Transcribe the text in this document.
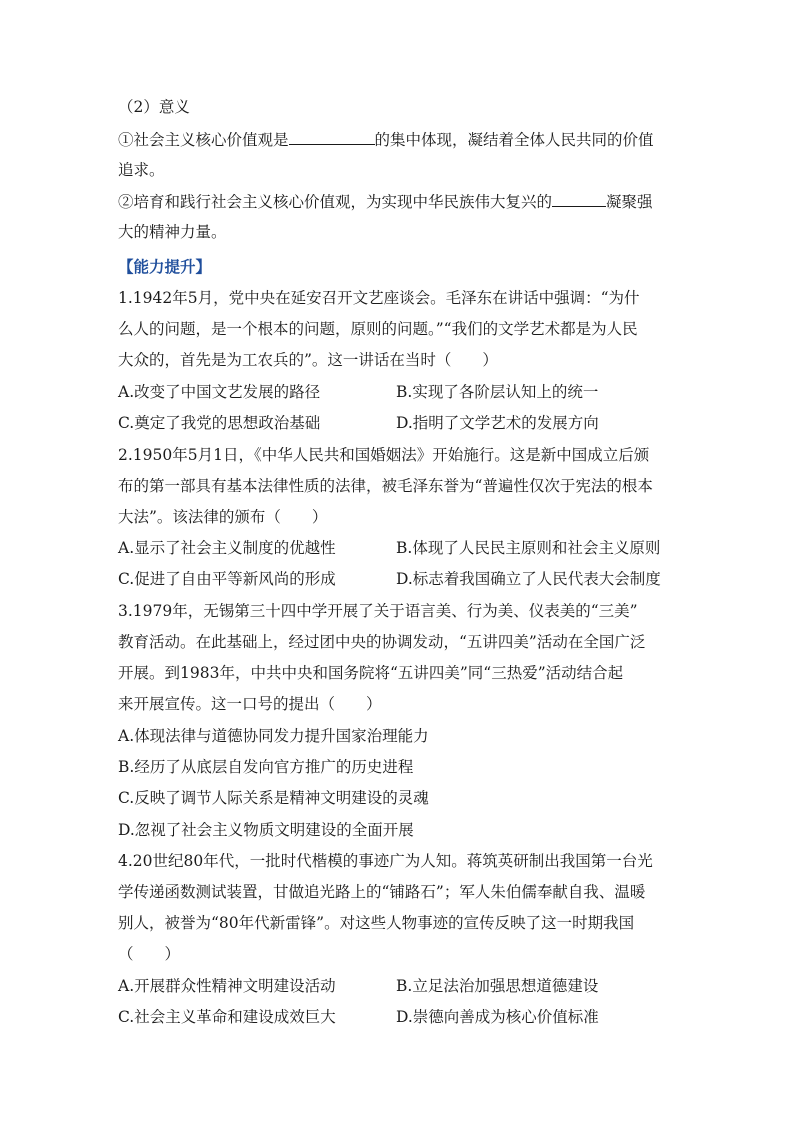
（2）意义
①社会主义核心价值观是	的集中体现，凝结着全体人民共同的价值
追求。
②培育和践行社会主义核心价值观，为实现中华民族伟大复兴的	凝聚强
大的精神力量。
【能力提升】
1.1942年5月，党中央在延安召开文艺座谈会。毛泽东在讲话中强调：“为什
么人的问题，是一个根本的问题，原则的问题。”“我们的文学艺术都是为人民
大众的，首先是为工农兵的”。这一讲话在当时（　　）
A.改变了中国文艺发展的路径	B.实现了各阶层认知上的统一
C.奠定了我党的思想政治基础	D.指明了文学艺术的发展方向
2.1950年5月1日，《中华人民共和国婚姻法》开始施行。这是新中国成立后颁
布的第一部具有基本法律性质的法律，被毛泽东誉为“普遍性仅次于宪法的根本
大法”。该法律的颁布（　　）
A.显示了社会主义制度的优越性	B.体现了人民民主原则和社会主义原则
C.促进了自由平等新风尚的形成	D.标志着我国确立了人民代表大会制度
3.1979年，无锡第三十四中学开展了关于语言美、行为美、仪表美的“三美”
教育活动。在此基础上，经过团中央的协调发动，“五讲四美”活动在全国广泛
开展。到1983年，中共中央和国务院将“五讲四美”同“三热爱”活动结合起
来开展宣传。这一口号的提出（　　）
A.体现法律与道德协同发力提升国家治理能力
B.经历了从底层自发向官方推广的历史进程
C.反映了调节人际关系是精神文明建设的灵魂
D.忽视了社会主义物质文明建设的全面开展
4.20世纪80年代，一批时代楷模的事迹广为人知。蒋筑英研制出我国第一台光
学传递函数测试装置，甘做追光路上的“铺路石”；军人朱伯儒奉献自我、温暖
别人，被誉为“80年代新雷锋”。对这些人物事迹的宣传反映了这一时期我国
（　　）
A.开展群众性精神文明建设活动	B.立足法治加强思想道德建设
C.社会主义革命和建设成效巨大	D.崇德向善成为核心价值标准
